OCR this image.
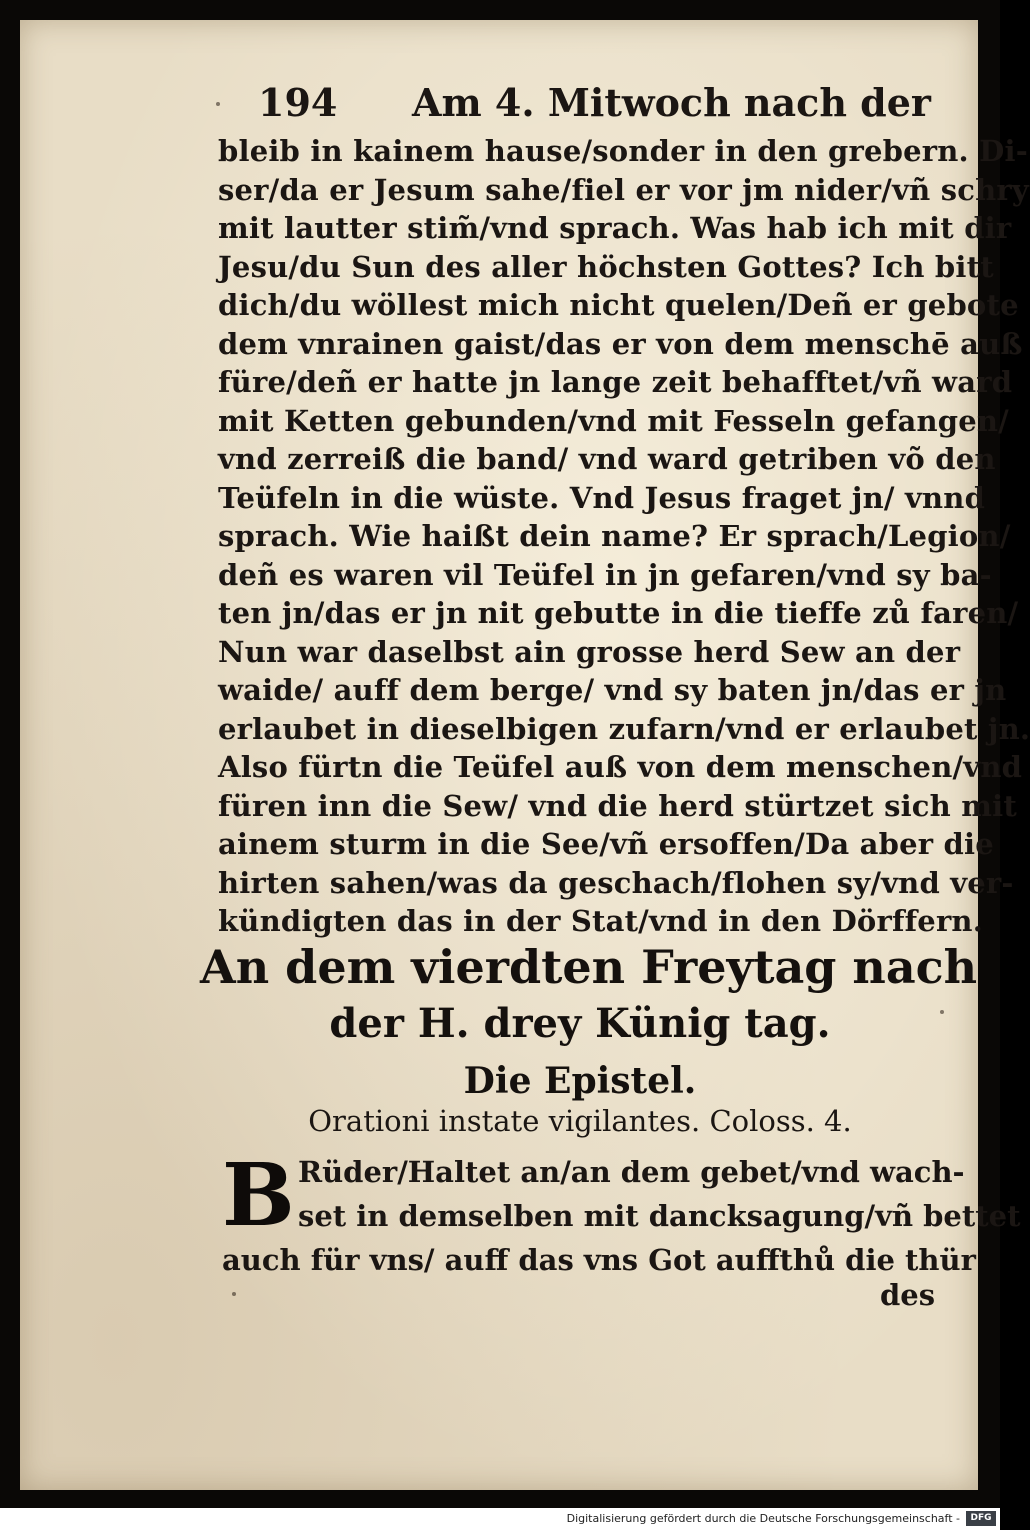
194 Am 4. Mitwoch nach der
bleib in kainem hause/sonder in den grebern. Di-
ser/da er Jesum sahe/fiel er vor jm nider/vñ schry
mit lautter stim̃/vnd sprach. Was hab ich mit dir
Jesu/du Sun des aller höchsten Gottes? Ich bitt
dich/du wöllest mich nicht quelen/Deñ er gebote
dem vnrainen gaist/das er von dem menschē auß
füre/deñ er hatte jn lange zeit behafftet/vñ ward
mit Ketten gebunden/vnd mit Fesseln gefangen/
vnd zerreiß die band/ vnd ward getriben võ den
Teüfeln in die wüste. Vnd Jesus fraget jn/ vnnd
sprach. Wie haißt dein name? Er sprach/Legion/
deñ es waren vil Teüfel in jn gefaren/vnd sy ba-
ten jn/das er jn nit gebutte in die tieffe zů faren/
Nun war daselbst ain grosse herd Sew an der
waide/ auff dem berge/ vnd sy baten jn/das er jn
erlaubet in dieselbigen zufarn/vnd er erlaubet jn.
Also fürtn die Teüfel auß von dem menschen/vnd
füren inn die Sew/ vnd die herd stürtzet sich mit
ainem sturm in die See/vñ ersoffen/Da aber die
hirten sahen/was da geschach/flohen sy/vnd ver-
kündigten das in der Stat/vnd in den Dörffern.
An dem vierdten Freytag nach
der H. drey Künig tag.
Die Epistel.
Orationi instate vigilantes. Coloss. 4.
B Rüder/Haltet an/an dem gebet/vnd wach-
set in demselben mit dancksagung/vñ bettet
auch für vns/ auff das vns Got auffthů die thür
des
Digitalisierung gefördert durch die Deutsche Forschungsgemeinschaft -	DFG
